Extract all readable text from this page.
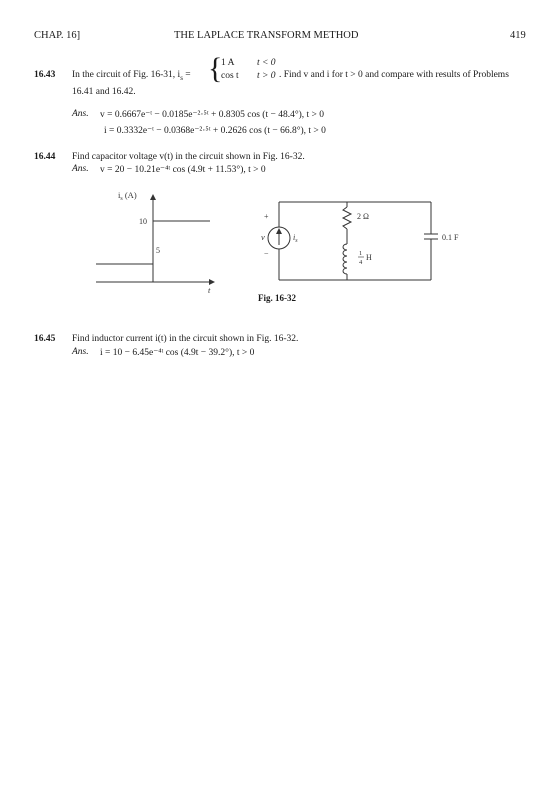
CHAP. 16]	THE LAPLACE TRANSFORM METHOD	419
16.43 In the circuit of Fig. 16-31, $i_s$ = {
1 A t < 0
cos t t > 0 . Find v and i for t > 0 and compare with results of Problems
16.41 and 16.42.
Ans. v = 0.6667e⁻ᵗ − 0.0185e⁻²·⁵ᵗ + 0.8305 cos (t − 48.4°), t > 0
i = 0.3332e⁻ᵗ − 0.0368e⁻²·⁵ᵗ + 0.2626 cos (t − 66.8°), t > 0
16.44 Find capacitor voltage v(t) in the circuit shown in Fig. 16-32.
Ans. v = 20 − 10.21e⁻⁴ᵗ cos (4.9t + 11.53°), t > 0
$i_s$ (A)
10
5
t
+
−
v	$i_s$
2 Ω
1
4
H
0.1 F
Fig. 16-32
16.45 Find inductor current i(t) in the circuit shown in Fig. 16-32.
Ans. i = 10 − 6.45e⁻⁴ᵗ cos (4.9t − 39.2°), t > 0
